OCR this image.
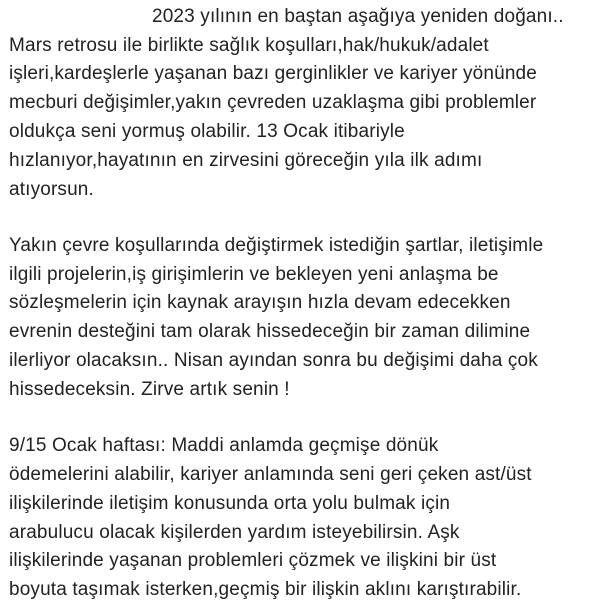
2023 yılının en baştan aşağıya yeniden doğanı..
Mars retrosu ile birlikte sağlık koşulları,hak/hukuk/adalet
işleri,kardeşlerle yaşanan bazı gerginlikler ve kariyer yönünde
mecburi değişimler,yakın çevreden uzaklaşma gibi problemler
oldukça seni yormuş olabilir. 13 Ocak itibariyle
hızlanıyor,hayatının en zirvesini göreceğin yıla ilk adımı
atıyorsun.
Yakın çevre koşullarında değiştirmek istediğin şartlar, iletişimle
ilgili projelerin,iş girişimlerin ve bekleyen yeni anlaşma be
sözleşmelerin için kaynak arayışın hızla devam edecekken
evrenin desteğini tam olarak hissedeceğin bir zaman dilimine
ilerliyor olacaksın.. Nisan ayından sonra bu değişimi daha çok
hissedeceksin. Zirve artık senin !
9/15 Ocak haftası: Maddi anlamda geçmişe dönük
ödemelerini alabilir, kariyer anlamında seni geri çeken ast/üst
ilişkilerinde iletişim konusunda orta yolu bulmak için
arabulucu olacak kişilerden yardım isteyebilirsin. Aşk
ilişkilerinde yaşanan problemleri çözmek ve ilişkini bir üst
boyuta taşımak isterken,geçmiş bir ilişkin aklını karıştırabilir.
